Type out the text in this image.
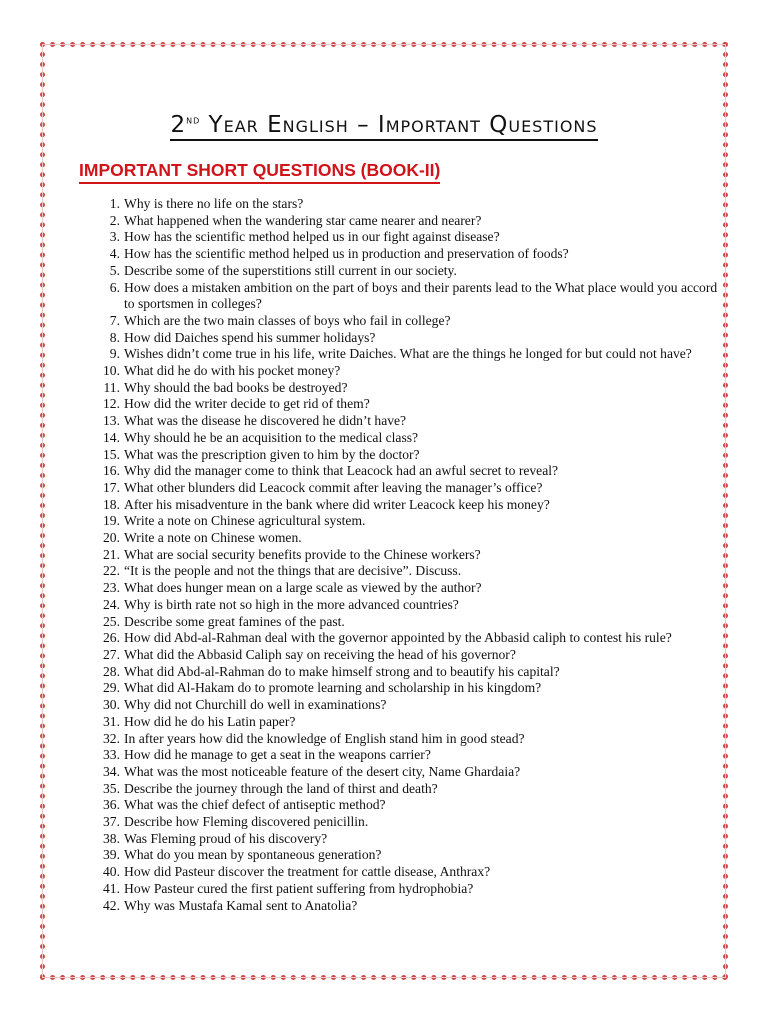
2nd Year English – Important Questions
IMPORTANT SHORT QUESTIONS (BOOK-II)
1. Why is there no life on the stars?
2. What happened when the wandering star came nearer and nearer?
3. How has the scientific method helped us in our fight against disease?
4. How has the scientific method helped us in production and preservation of foods?
5. Describe some of the superstitions still current in our society.
6. How does a mistaken ambition on the part of boys and their parents lead to the What place would you accord to sportsmen in colleges?
7. Which are the two main classes of boys who fail in college?
8. How did Daiches spend his summer holidays?
9. Wishes didn’t come true in his life, write Daiches. What are the things he longed for but could not have?
10. What did he do with his pocket money?
11. Why should the bad books be destroyed?
12. How did the writer decide to get rid of them?
13. What was the disease he discovered he didn’t have?
14. Why should he be an acquisition to the medical class?
15. What was the prescription given to him by the doctor?
16. Why did the manager come to think that Leacock had an awful secret to reveal?
17. What other blunders did Leacock commit after leaving the manager’s office?
18. After his misadventure in the bank where did writer Leacock keep his money?
19. Write a note on Chinese agricultural system.
20. Write a note on Chinese women.
21. What are social security benefits provide to the Chinese workers?
22. “It is the people and not the things that are decisive”. Discuss.
23. What does hunger mean on a large scale as viewed by the author?
24. Why is birth rate not so high in the more advanced countries?
25. Describe some great famines of the past.
26. How did Abd-al-Rahman deal with the governor appointed by the Abbasid caliph to contest his rule?
27. What did the Abbasid Caliph say on receiving the head of his governor?
28. What did Abd-al-Rahman do to make himself strong and to beautify his capital?
29. What did Al-Hakam do to promote learning and scholarship in his kingdom?
30. Why did not Churchill do well in examinations?
31. How did he do his Latin paper?
32. In after years how did the knowledge of English stand him in good stead?
33. How did he manage to get a seat in the weapons carrier?
34. What was the most noticeable feature of the desert city, Name Ghardaia?
35. Describe the journey through the land of thirst and death?
36. What was the chief defect of antiseptic method?
37. Describe how Fleming discovered penicillin.
38. Was Fleming proud of his discovery?
39. What do you mean by spontaneous generation?
40. How did Pasteur discover the treatment for cattle disease, Anthrax?
41. How Pasteur cured the first patient suffering from hydrophobia?
42. Why was Mustafa Kamal sent to Anatolia?
